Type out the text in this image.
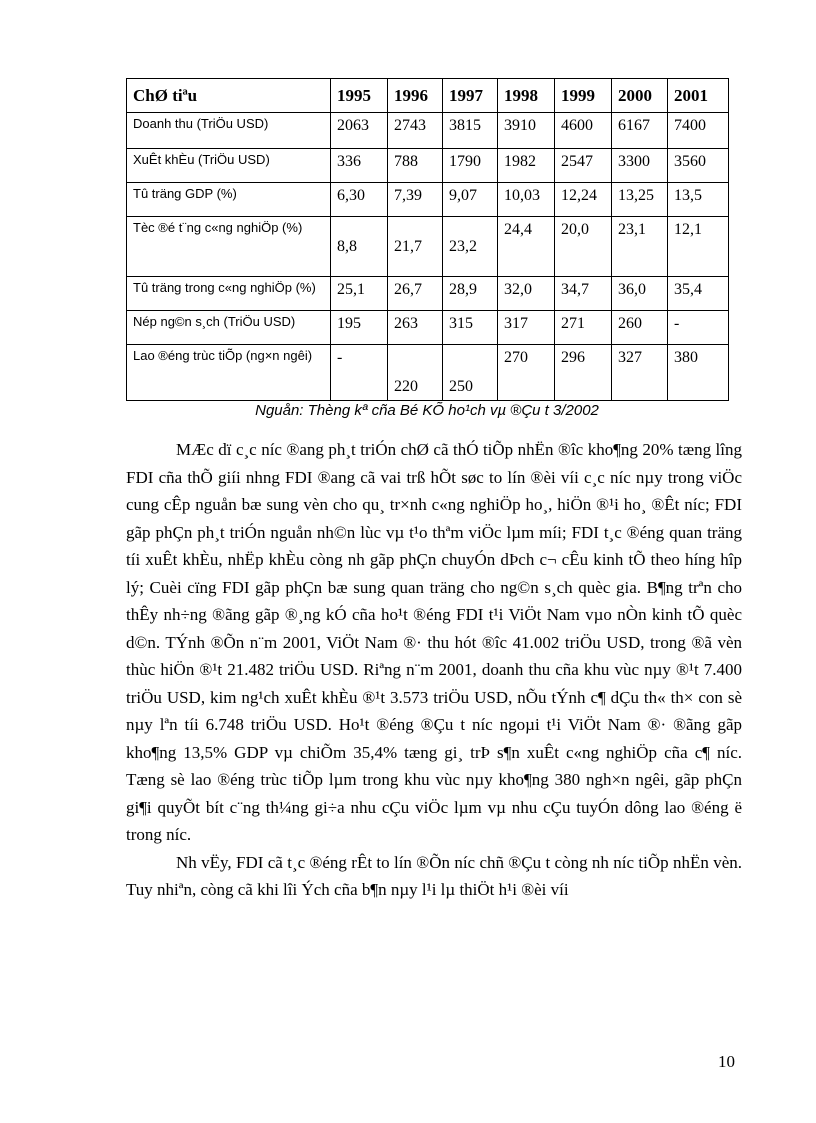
ChØ tiªu	1995	1996	1997	1998	1999	2000	2001
Doanh thu (TriÖu USD)	2063	2743	3815	3910	4600	6167	7400
XuÊt khÈu (TriÖu USD)	336	788	1790	1982	2547	3300	3560
Tû träng GDP (%)	6,30	7,39	9,07	10,03	12,24	13,25	13,5
Tèc ®é t¨ng c«ng nghiÖp (%)	8,8	21,7	23,2	24,4	20,0	23,1	12,1
Tû träng trong c«ng nghiÖp (%)	25,1	26,7	28,9	32,0	34,7	36,0	35,4
Nép ng©n s¸ch (TriÖu USD)	195	263	315	317	271	260	-
Lao ®éng trùc tiÕp (ng×n ngêi)	-	220	250	270	296	327	380
Nguån: Thèng kª cña Bé KÕ ho¹ch vµ ®Çu t 3/2002

MÆc dï c¸c níc ®ang ph¸t triÓn chØ cã thÓ tiÕp nhËn ®îc kho¶ng 20% tæng lîng FDI cña thÕ giíi nhng FDI ®ang cã vai trß hÕt søc to lín ®èi víi c¸c níc nµy trong viÖc cung cÊp nguån bæ sung vèn cho qu¸ tr×nh c«ng nghiÖp ho¸, hiÖn ®¹i ho¸ ®Êt níc; FDI gãp phÇn ph¸t triÓn nguån nh©n lùc vµ t¹o thªm viÖc lµm míi; FDI t¸c ®éng quan träng tíi xuÊt khÈu, nhËp khÈu còng nh gãp phÇn chuyÓn dÞch c¬ cÊu kinh tÕ theo híng hîp lý; Cuèi cïng FDI gãp phÇn bæ sung quan träng cho ng©n s¸ch quèc gia. B¶ng trªn cho thÊy nh÷ng ®ãng gãp ®¸ng kÓ cña ho¹t ®éng FDI t¹i ViÖt Nam vµo nÒn kinh tÕ quèc d©n. TÝnh ®Õn n¨m 2001, ViÖt Nam ®· thu hót ®îc 41.002 triÖu USD, trong ®ã vèn thùc hiÖn ®¹t 21.482 triÖu USD. Riªng n¨m 2001, doanh thu cña khu vùc nµy ®¹t 7.400 triÖu USD, kim ng¹ch xuÊt khÈu ®¹t 3.573 triÖu USD, nÕu tÝnh c¶ dÇu th« th× con sè nµy lªn tíi 6.748 triÖu USD. Ho¹t ®éng ®Çu t níc ngoµi t¹i ViÖt Nam ®· ®ãng gãp kho¶ng 13,5% GDP vµ chiÕm 35,4% tæng gi¸ trÞ s¶n xuÊt c«ng nghiÖp cña c¶ níc. Tæng sè lao ®éng trùc tiÕp lµm trong khu vùc nµy kho¶ng 380 ngh×n ngêi, gãp phÇn gi¶i quyÕt bít c¨ng th¼ng gi÷a nhu cÇu viÖc lµm vµ nhu cÇu tuyÓn dông lao ®éng ë trong níc.

Nh vËy, FDI cã t¸c ®éng rÊt to lín ®Õn níc chñ ®Çu t còng nh níc tiÕp nhËn vèn. Tuy nhiªn, còng cã khi lîi Ých cña b¶n nµy l¹i lµ thiÖt h¹i ®èi víi

10
